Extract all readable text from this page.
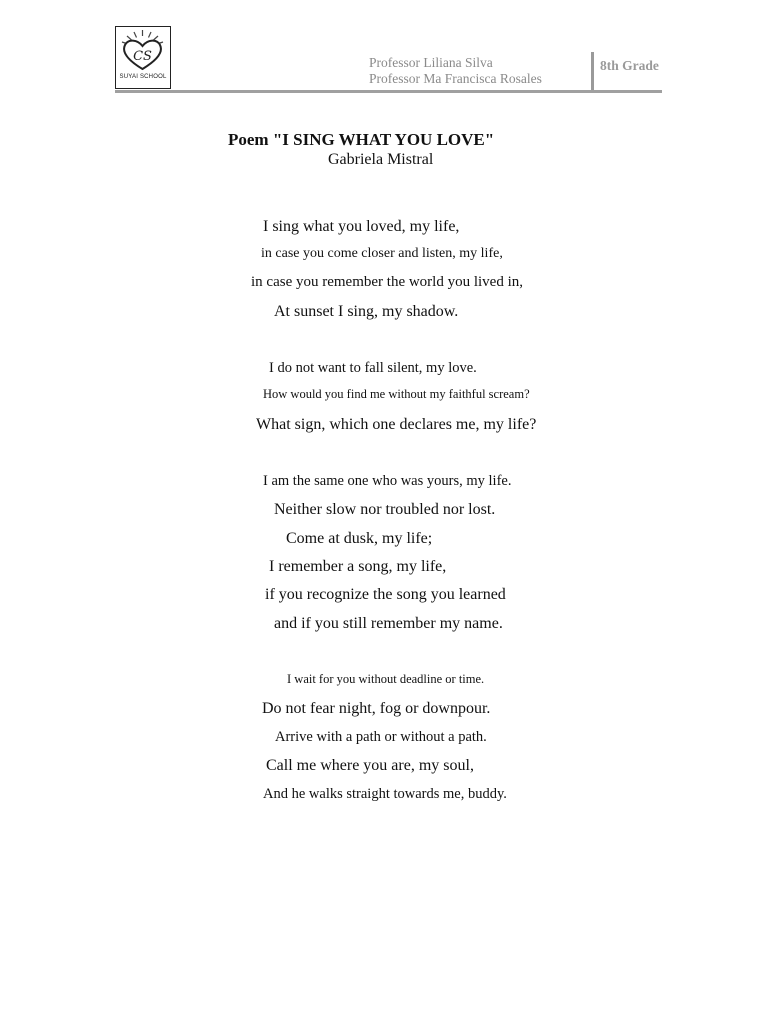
CS
SUYAI SCHOOL
Professor Liliana Silva
Professor Ma Francisca Rosales
8th Grade
Poem "I SING WHAT YOU LOVE"
Gabriela Mistral
I sing what you loved, my life,
in case you come closer and listen, my life,
in case you remember the world you lived in,
At sunset I sing, my shadow.
I do not want to fall silent, my love.
How would you find me without my faithful scream?
What sign, which one declares me, my life?
I am the same one who was yours, my life.
Neither slow nor troubled nor lost.
Come at dusk, my life;
I remember a song, my life,
if you recognize the song you learned
and if you still remember my name.
I wait for you without deadline or time.
Do not fear night, fog or downpour.
Arrive with a path or without a path.
Call me where you are, my soul,
And he walks straight towards me, buddy.
